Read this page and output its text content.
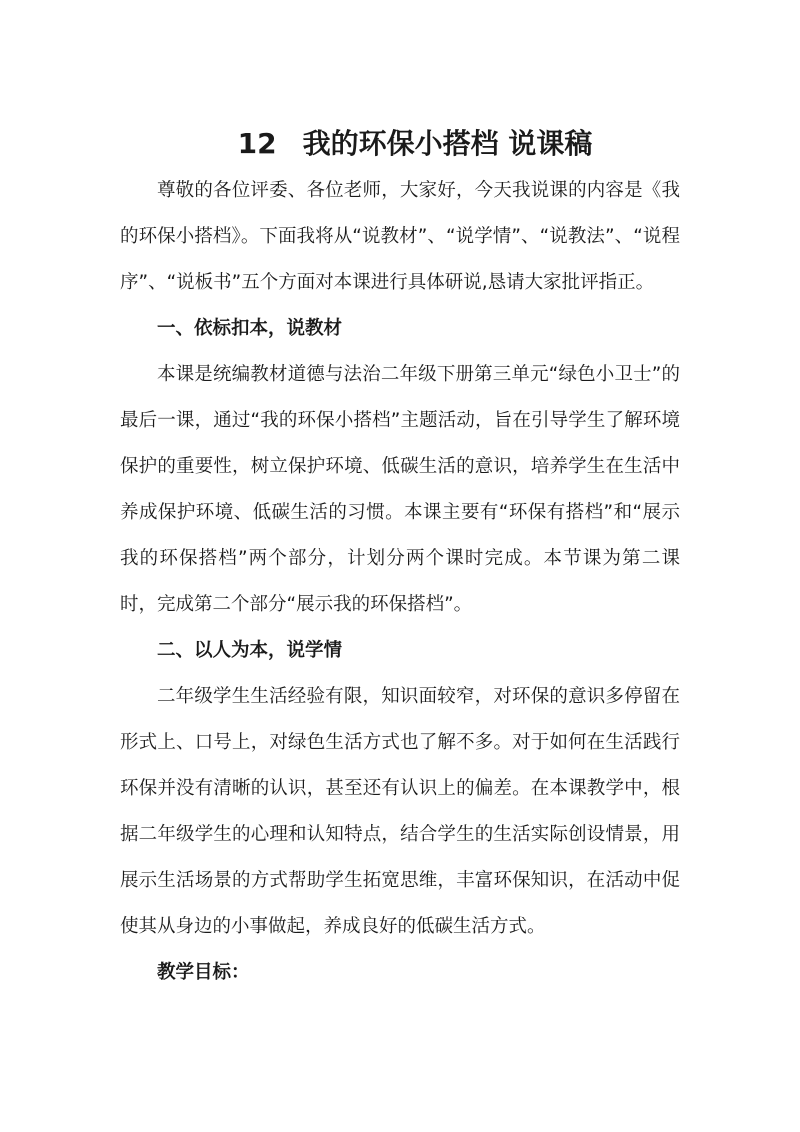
12 我的环保小搭档 说课稿

尊敬的各位评委、各位老师，大家好，今天我说课的内容是《我的环保小搭档》。下面我将从“说教材”、“说学情”、“说教法”、“说程序”、“说板书”五个方面对本课进行具体研说,恳请大家批评指正。

一、依标扣本，说教材

本课是统编教材道德与法治二年级下册第三单元“绿色小卫士”的最后一课，通过“我的环保小搭档”主题活动，旨在引导学生了解环境保护的重要性，树立保护环境、低碳生活的意识，培养学生在生活中养成保护环境、低碳生活的习惯。本课主要有“环保有搭档”和“展示我的环保搭档”两个部分，计划分两个课时完成。本节课为第二课时，完成第二个部分“展示我的环保搭档”。

二、以人为本，说学情

二年级学生生活经验有限，知识面较窄，对环保的意识多停留在形式上、口号上，对绿色生活方式也了解不多。对于如何在生活践行环保并没有清晰的认识，甚至还有认识上的偏差。在本课教学中，根据二年级学生的心理和认知特点，结合学生的生活实际创设情景，用展示生活场景的方式帮助学生拓宽思维，丰富环保知识，在活动中促使其从身边的小事做起，养成良好的低碳生活方式。

教学目标：
